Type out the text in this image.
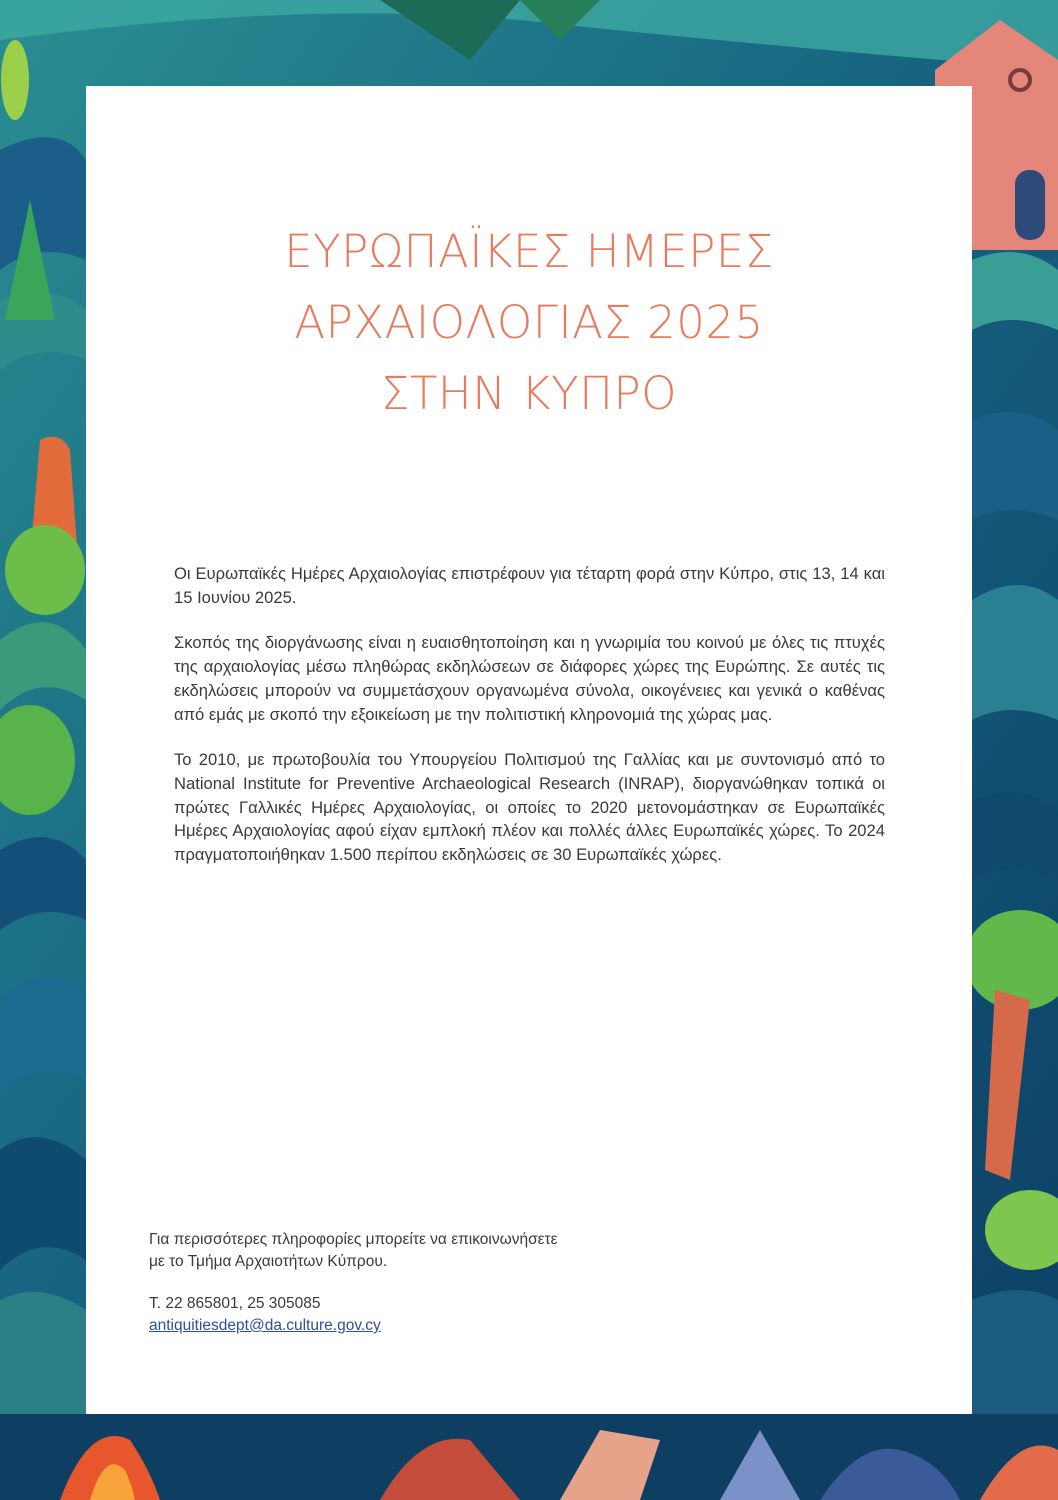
ΕΥΡΩΠΑΪΚΕΣ ΗΜΕΡΕΣ
ΑΡΧΑΙΟΛΟΓΙΑΣ 2025
ΣΤΗΝ ΚΥΠΡΟ

Οι Ευρωπαϊκές Ημέρες Αρχαιολογίας επιστρέφουν για τέταρτη φορά στην Κύπρο, στις 13, 14 και 15 Ιουνίου 2025.

Σκοπός της διοργάνωσης είναι η ευαισθητοποίηση και η γνωριμία του κοινού με όλες τις πτυχές της αρχαιολογίας μέσω πληθώρας εκδηλώσεων σε διάφορες χώρες της Ευρώπης. Σε αυτές τις εκδηλώσεις μπορούν να συμμετάσχουν οργανωμένα σύνολα, οικογένειες και γενικά ο καθένας από εμάς με σκοπό την εξοικείωση με την πολιτιστική κληρονομιά της χώρας μας.

Το 2010, με πρωτοβουλία του Υπουργείου Πολιτισμού της Γαλλίας και με συντονισμό από το National Institute for Preventive Archaeological Research (INRAP), διοργανώθηκαν τοπικά οι πρώτες Γαλλικές Ημέρες Αρχαιολογίας, οι οποίες το 2020 μετονομάστηκαν σε Ευρωπαϊκές Ημέρες Αρχαιολογίας αφού είχαν εμπλοκή πλέον και πολλές άλλες Ευρωπαϊκές χώρες. Το 2024 πραγματοποιήθηκαν 1.500 περίπου εκδηλώσεις σε 30 Ευρωπαϊκές χώρες.

Για περισσότερες πληροφορίες μπορείτε να επικοινωνήσετε
με το Τμήμα Αρχαιοτήτων Κύπρου.

Τ. 22 865801, 25 305085
antiquitiesdept@da.culture.gov.cy
